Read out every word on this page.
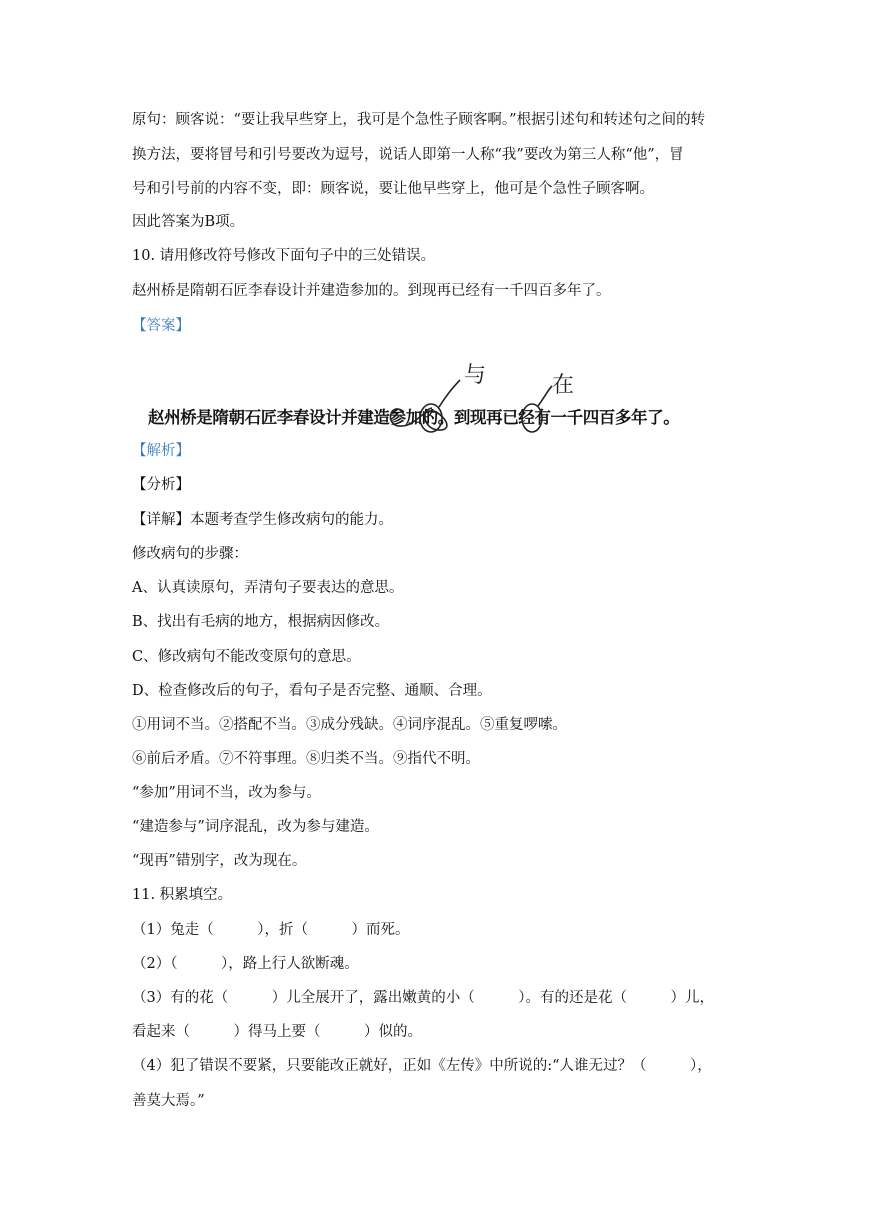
原句：顾客说：“要让我早些穿上，我可是个急性子顾客啊。”根据引述句和转述句之间的转

换方法，要将冒号和引号要改为逗号，说话人即第一人称“我”要改为第三人称“他”，冒

号和引号前的内容不变，即：顾客说，要让他早些穿上，他可是个急性子顾客啊。

因此答案为B项。

10. 请用修改符号修改下面句子中的三处错误。

赵州桥是隋朝石匠李春设计并建造参加的。到现再已经有一千四百多年了。

【答案】

赵州桥是隋朝石匠李春设计并建造参加的。到现再已经有一千四百多年了。

与	在

【解析】

【分析】

【详解】本题考查学生修改病句的能力。

修改病句的步骤：

A、认真读原句，弄清句子要表达的意思。

B、找出有毛病的地方，根据病因修改。

C、修改病句不能改变原句的意思。

D、检查修改后的句子，看句子是否完整、通顺、合理。

①用词不当。②搭配不当。③成分残缺。④词序混乱。⑤重复啰嗦。

⑥前后矛盾。⑦不符事理。⑧归类不当。⑨指代不明。

“参加”用词不当，改为参与。

“建造参与”词序混乱，改为参与建造。

“现再”错别字，改为现在。

11. 积累填空。

（1）兔走（　　　），折（　　　）而死。

（2）（　　　），路上行人欲断魂。

（3）有的花（　　　）儿全展开了，露出嫩黄的小（　　　）。有的还是花（　　　）儿，

看起来（　　　）得马上要（　　　）似的。

（4）犯了错误不要紧，只要能改正就好，正如《左传》中所说的:“人谁无过？（　　　），

善莫大焉。”
